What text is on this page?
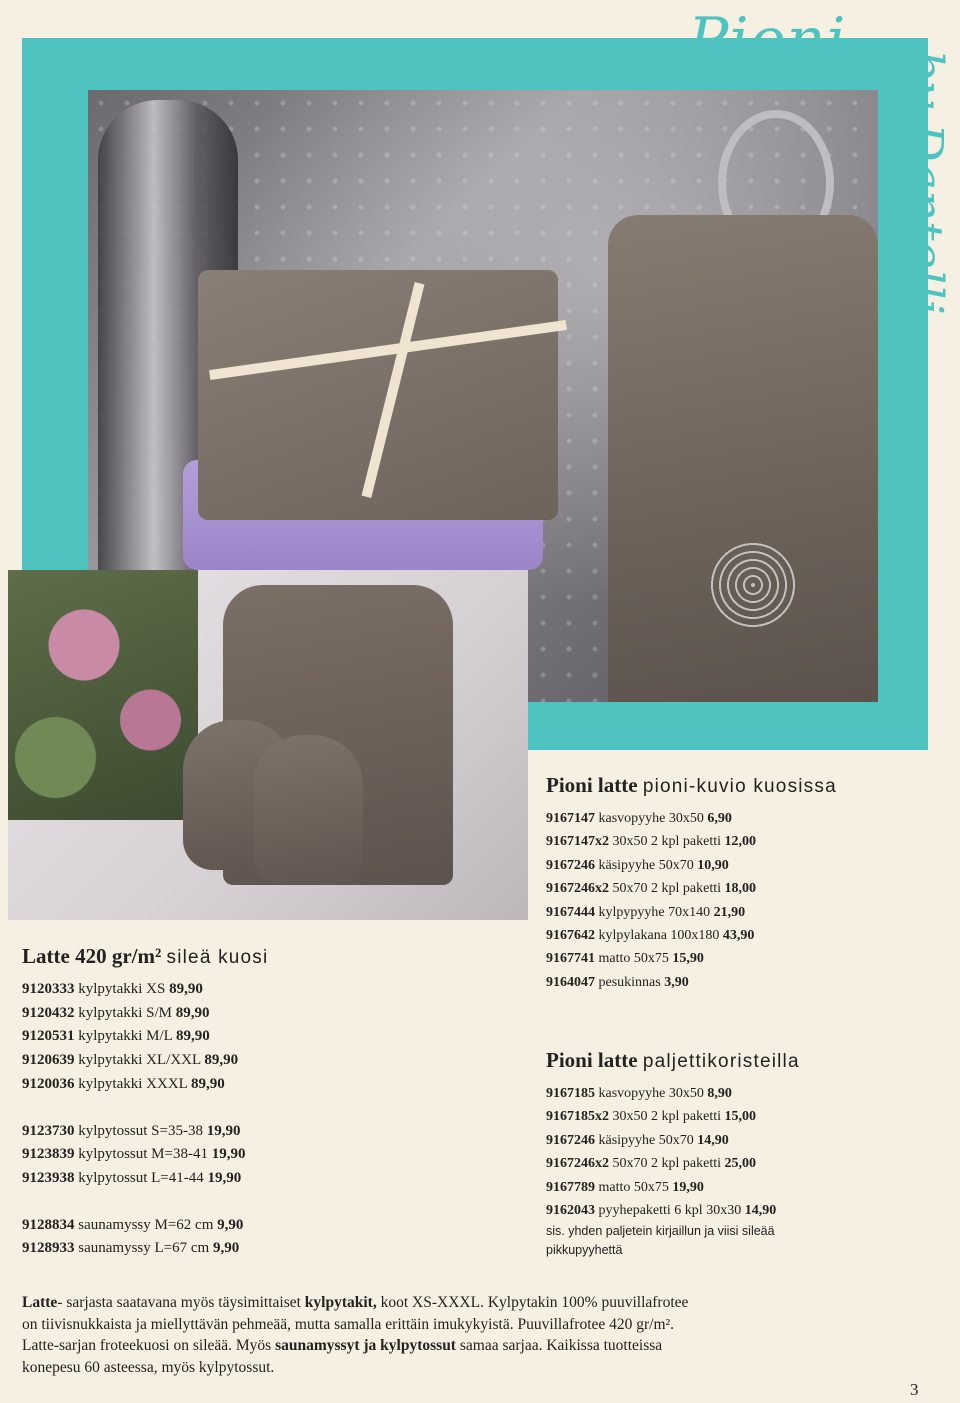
Pioni
by Dantelli
Pioni latte pioni-kuvio kuosissa
9167147 kasvopyyhe 30x50 6,90
9167147x2 30x50 2 kpl paketti 12,00
9167246 käsipyyhe 50x70 10,90
9167246x2 50x70 2 kpl paketti 18,00
9167444 kylpypyyhe 70x140 21,90
9167642 kylpylakana 100x180 43,90
9167741 matto 50x75 15,90
9164047 pesukinnas 3,90
Pioni latte paljettikoristeilla
9167185 kasvopyyhe 30x50 8,90
9167185x2 30x50 2 kpl paketti 15,00
9167246 käsipyyhe 50x70 14,90
9167246x2 50x70 2 kpl paketti 25,00
9167789 matto 50x75 19,90
9162043 pyyhepaketti 6 kpl 30x30 14,90
sis. yhden paljetein kirjaillun ja viisi sileää
pikkupyyhettä
Latte 420 gr/m² sileä kuosi
9120333 kylpytakki XS 89,90
9120432 kylpytakki S/M 89,90
9120531 kylpytakki M/L 89,90
9120639 kylpytakki XL/XXL 89,90
9120036 kylpytakki XXXL 89,90
9123730 kylpytossut S=35-38 19,90
9123839 kylpytossut M=38-41 19,90
9123938 kylpytossut L=41-44 19,90
9128834 saunamyssy M=62 cm 9,90
9128933 saunamyssy L=67 cm 9,90
Latte- sarjasta saatavana myös täysimittaiset kylpytakit, koot XS-XXXL. Kylpytakin 100% puuvillafrotee
on tiivisnukkaista ja miellyttävän pehmeää, mutta samalla erittäin imukykyistä. Puuvillafrotee 420 gr/m².
Latte-sarjan froteekuosi on sileää. Myös saunamyssyt ja kylpytossut samaa sarjaa. Kaikissa tuotteissa
konepesu 60 asteessa, myös kylpytossut.
3
